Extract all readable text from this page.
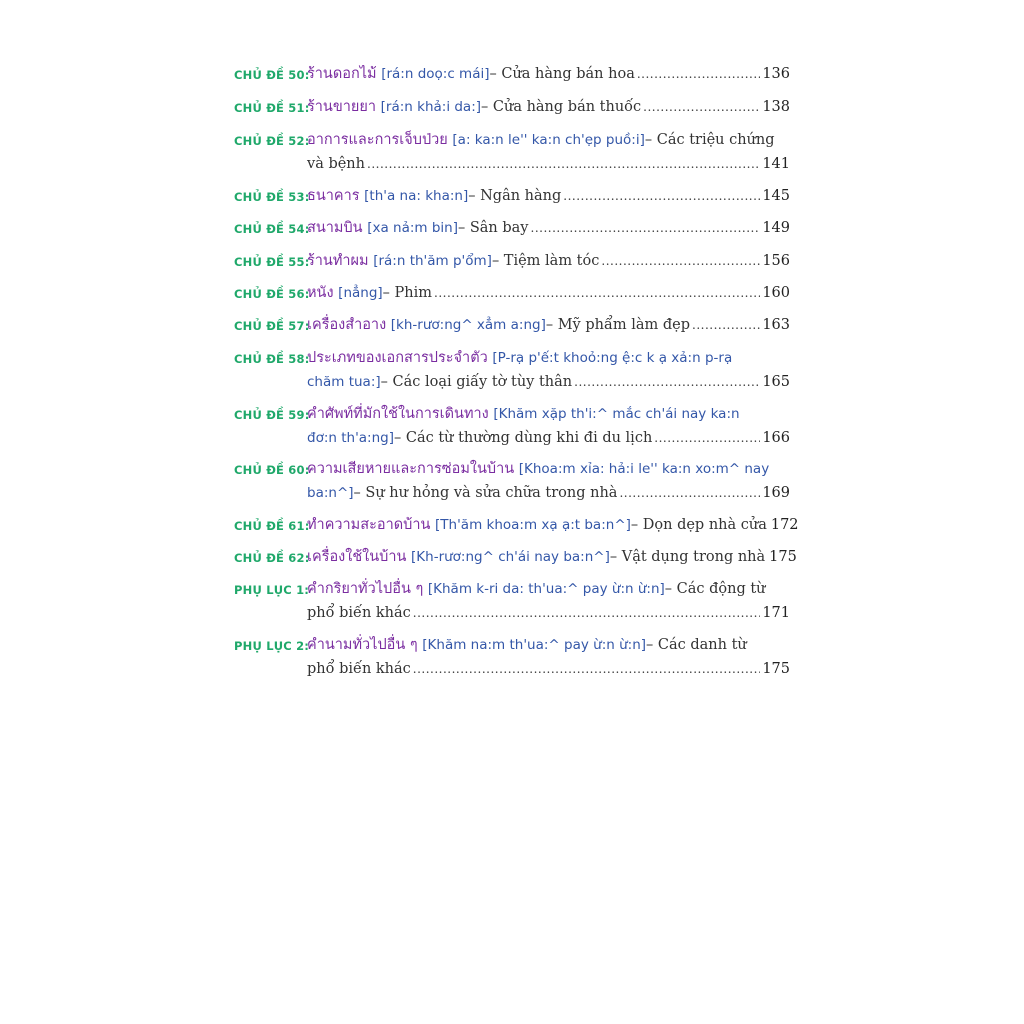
CHỦ ĐỀ 50:
ร้านดอกไม้
[rá:n doọ:c mái] – Cửa hàng bán hoa .....	136
CHỦ ĐỀ 51:
ร้านขายยา
[rá:n khả:i da:] – Cửa hàng bán thuốc .....	138
CHỦ ĐỀ 52:
อาการและการเจ็บป่วย
[a: ka:n le'' ka:n ch'ẹp puồ:i] – Các triệu chứng
và bệnh .....	141
CHỦ ĐỀ 53:
ธนาคาร
[th'a na: kha:n] – Ngân hàng .....	145
CHỦ ĐỀ 54:
สนามบิน
[xa nả:m bin] – Sân bay .....	149
CHỦ ĐỀ 55:
ร้านทำผม
[rá:n th'ăm p'ổm] – Tiệm làm tóc .....	156
CHỦ ĐỀ 56:
หนัง
[nẳng] – Phim .....	160
CHỦ ĐỀ 57:
เครื่องสำอาง
[kh-rươ:ng^ xẳm a:ng] – Mỹ phẩm làm đẹp .....	163
CHỦ ĐỀ 58:
ประเภทของเอกสารประจำตัว
[P-rạ p'ế:t khoỏ:ng ệ:c k ạ xả:n p-rạ
chăm tua:] – Các loại giấy tờ tùy thân .....	165
CHỦ ĐỀ 59:
คำศัพท์ที่มักใช้ในการเดินทาง
[Khăm xặp th'i:^ mắc ch'ái nay ka:n
đơ:n th'a:ng] – Các từ thường dùng khi đi du lịch .....	166
CHỦ ĐỀ 60:
ความเสียหายและการซ่อมในบ้าน
[Khoa:m xỉa: hả:i le'' ka:n xo:m^ nay
ba:n^] – Sự hư hỏng và sửa chữa trong nhà .....	169
CHỦ ĐỀ 61:
ทำความสะอาดบ้าน
[Th'ăm khoa:m xạ ạ:t ba:n^] – Dọn dẹp nhà cửa 172
CHỦ ĐỀ 62:
เครื่องใช้ในบ้าน
[Kh-rươ:ng^ ch'ái nay ba:n^] – Vật dụng trong nhà 175
PHỤ LỤC 1:
คำกริยาทั่วไปอื่น ๆ
[Khăm k-ri da: th'ua:^ pay ừ:n ừ:n] – Các động từ
phổ biến khác .....	171
PHỤ LỤC 2:
คำนามทั่วไปอื่น ๆ
[Khăm na:m th'ua:^ pay ừ:n ừ:n] – Các danh từ
phổ biến khác .....	175
